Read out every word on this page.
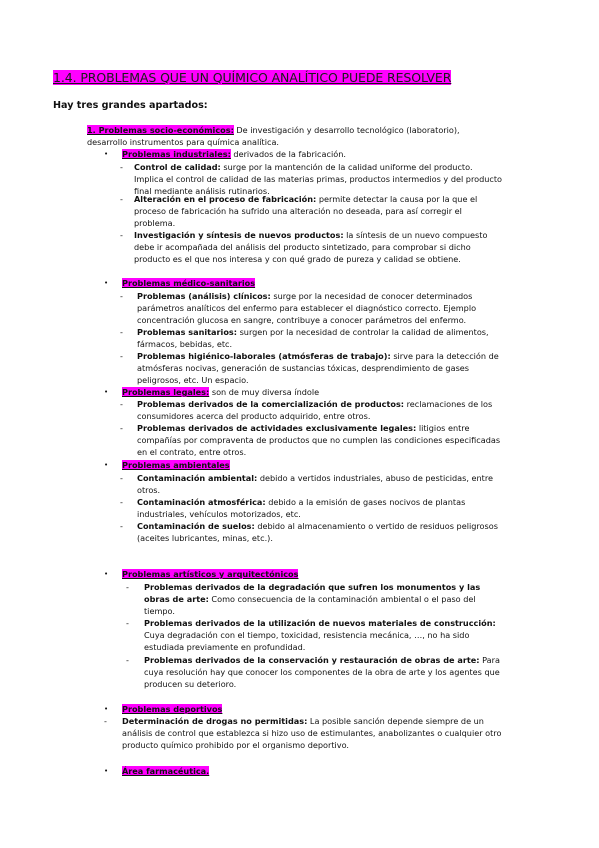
1.4. PROBLEMAS QUE UN QUÍMICO ANALÍTICO PUEDE RESOLVER
Hay tres grandes apartados:
1. Problemas socio-económicos: De investigación y desarrollo tecnológico (laboratorio),
desarrollo instrumentos para química analítica.
• Problemas industriales: derivados de la fabricación.
- Control de calidad: surge por la mantención de la calidad uniforme del producto.
Implica el control de calidad de las materias primas, productos intermedios y del producto
final mediante análisis rutinarios.
- Alteración en el proceso de fabricación: permite detectar la causa por la que el
proceso de fabricación ha sufrido una alteración no deseada, para así corregir el
problema.
- Investigación y síntesis de nuevos productos: la síntesis de un nuevo compuesto
debe ir acompañada del análisis del producto sintetizado, para comprobar si dicho
producto es el que nos interesa y con qué grado de pureza y calidad se obtiene.
• Problemas médico-sanitarios
- Problemas (análisis) clínicos: surge por la necesidad de conocer determinados
parámetros analíticos del enfermo para establecer el diagnóstico correcto. Ejemplo
concentración glucosa en sangre, contribuye a conocer parámetros del enfermo.
- Problemas sanitarios: surgen por la necesidad de controlar la calidad de alimentos,
fármacos, bebidas, etc.
- Problemas higiénico-laborales (atmósferas de trabajo): sirve para la detección de
atmósferas nocivas, generación de sustancias tóxicas, desprendimiento de gases
peligrosos, etc. Un espacio.
• Problemas legales: son de muy diversa índole
- Problemas derivados de la comercialización de productos: reclamaciones de los
consumidores acerca del producto adquirido, entre otros.
- Problemas derivados de actividades exclusivamente legales: litigios entre
compañías por compraventa de productos que no cumplen las condiciones especificadas
en el contrato, entre otros.
• Problemas ambientales
- Contaminación ambiental: debido a vertidos industriales, abuso de pesticidas, entre
otros.
- Contaminación atmosférica: debido a la emisión de gases nocivos de plantas
industriales, vehículos motorizados, etc.
- Contaminación de suelos: debido al almacenamiento o vertido de residuos peligrosos
(aceites lubricantes, minas, etc.).
• Problemas artísticos y arquitectónicos
- Problemas derivados de la degradación que sufren los monumentos y las
obras de arte: Como consecuencia de la contaminación ambiental o el paso del
tiempo.
- Problemas derivados de la utilización de nuevos materiales de construcción:
Cuya degradación con el tiempo, toxicidad, resistencia mecánica, …, no ha sido
estudiada previamente en profundidad.
- Problemas derivados de la conservación y restauración de obras de arte: Para
cuya resolución hay que conocer los componentes de la obra de arte y los agentes que
producen su deterioro.
• Problemas deportivos
- Determinación de drogas no permitidas: La posible sanción depende siempre de un
análisis de control que establezca si hizo uso de estimulantes, anabolizantes o cualquier otro
producto químico prohibido por el organismo deportivo.
• Área farmacéutica.
